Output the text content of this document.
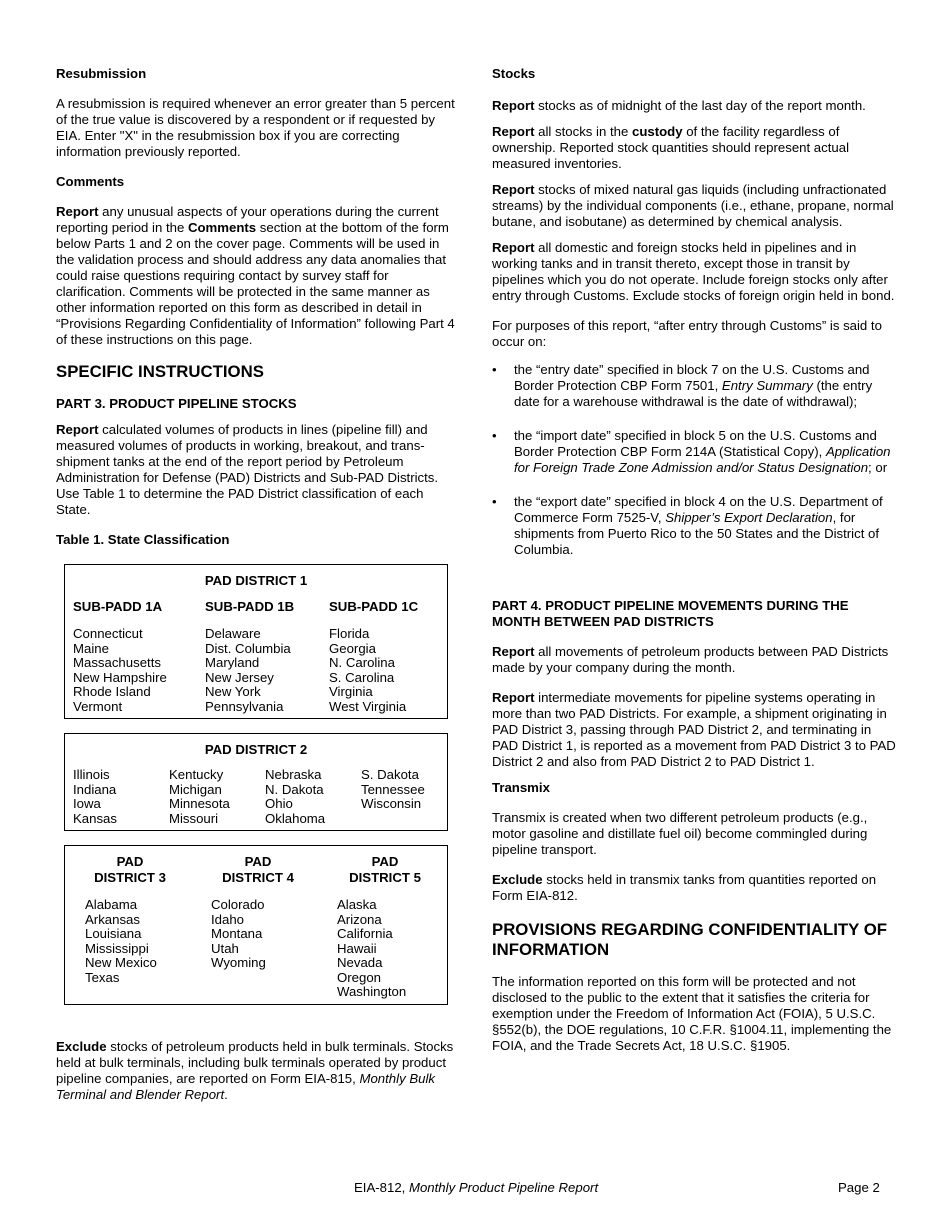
Resubmission

A resubmission is required whenever an error greater than 5 percent of the true value is discovered by a respondent or if requested by EIA. Enter "X" in the resubmission box if you are correcting information previously reported.

Comments

Report any unusual aspects of your operations during the current reporting period in the Comments section at the bottom of the form below Parts 1 and 2 on the cover page. Comments will be used in the validation process and should address any data anomalies that could raise questions requiring contact by survey staff for clarification. Comments will be protected in the same manner as other information reported on this form as described in detail in “Provisions Regarding Confidentiality of Information” following Part 4 of these instructions on this page.

SPECIFIC INSTRUCTIONS
PART 3. PRODUCT PIPELINE STOCKS

Report calculated volumes of products in lines (pipeline fill) and measured volumes of products in working, breakout, and trans-shipment tanks at the end of the report period by Petroleum Administration for Defense (PAD) Districts and Sub-PAD Districts. Use Table 1 to determine the PAD District classification of each State.

Table 1. State Classification
PAD DISTRICT 1
SUB-PADD 1A
Connecticut
Maine
Massachusetts
New Hampshire
Rhode Island
Vermont
SUB-PADD 1B
Delaware
Dist. Columbia
Maryland
New Jersey
New York
Pennsylvania
SUB-PADD 1C
Florida
Georgia
N. Carolina
S. Carolina
Virginia
West Virginia
PAD DISTRICT 2
Illinois
Indiana
Iowa
Kansas
Kentucky
Michigan
Minnesota
Missouri
Nebraska
N. Dakota
Ohio
Oklahoma
S. Dakota
Tennessee
Wisconsin
PAD
DISTRICT 3
Alabama
Arkansas
Louisiana
Mississippi
New Mexico
Texas
PAD
DISTRICT 4
Colorado
Idaho
Montana
Utah
Wyoming
PAD
DISTRICT 5
Alaska
Arizona
California
Hawaii
Nevada
Oregon
Washington

Exclude stocks of petroleum products held in bulk terminals. Stocks held at bulk terminals, including bulk terminals operated by product pipeline companies, are reported on Form EIA-815, Monthly Bulk Terminal and Blender Report.

Stocks

Report stocks as of midnight of the last day of the report month.

Report all stocks in the custody of the facility regardless of ownership. Reported stock quantities should represent actual measured inventories.

Report stocks of mixed natural gas liquids (including unfractionated streams) by the individual components (i.e., ethane, propane, normal butane, and isobutane) as determined by chemical analysis.

Report all domestic and foreign stocks held in pipelines and in working tanks and in transit thereto, except those in transit by pipelines which you do not operate. Include foreign stocks only after entry through Customs. Exclude stocks of foreign origin held in bond.

For purposes of this report, “after entry through Customs” is said to occur on:

• the “entry date” specified in block 7 on the U.S. Customs and Border Protection CBP Form 7501, Entry Summary (the entry date for a warehouse withdrawal is the date of withdrawal);
• the “import date” specified in block 5 on the U.S. Customs and Border Protection CBP Form 214A (Statistical Copy), Application for Foreign Trade Zone Admission and/or Status Designation; or
• the “export date” specified in block 4 on the U.S. Department of Commerce Form 7525-V, Shipper’s Export Declaration, for shipments from Puerto Rico to the 50 States and the District of Columbia.
PART 4. PRODUCT PIPELINE MOVEMENTS DURING THE MONTH BETWEEN PAD DISTRICTS

Report all movements of petroleum products between PAD Districts made by your company during the month.

Report intermediate movements for pipeline systems operating in more than two PAD Districts. For example, a shipment originating in PAD District 3, passing through PAD District 2, and terminating in PAD District 1, is reported as a movement from PAD District 3 to PAD District 2 and also from PAD District 2 to PAD District 1.

Transmix

Transmix is created when two different petroleum products (e.g., motor gasoline and distillate fuel oil) become commingled during pipeline transport.

Exclude stocks held in transmix tanks from quantities reported on Form EIA-812.

PROVISIONS REGARDING CONFIDENTIALITY OF INFORMATION

The information reported on this form will be protected and not disclosed to the public to the extent that it satisfies the criteria for exemption under the Freedom of Information Act (FOIA), 5 U.S.C. §552(b), the DOE regulations, 10 C.F.R. §1004.11, implementing the FOIA, and the Trade Secrets Act, 18 U.S.C. §1905.

EIA-812, Monthly Product Pipeline Report	Page 2
